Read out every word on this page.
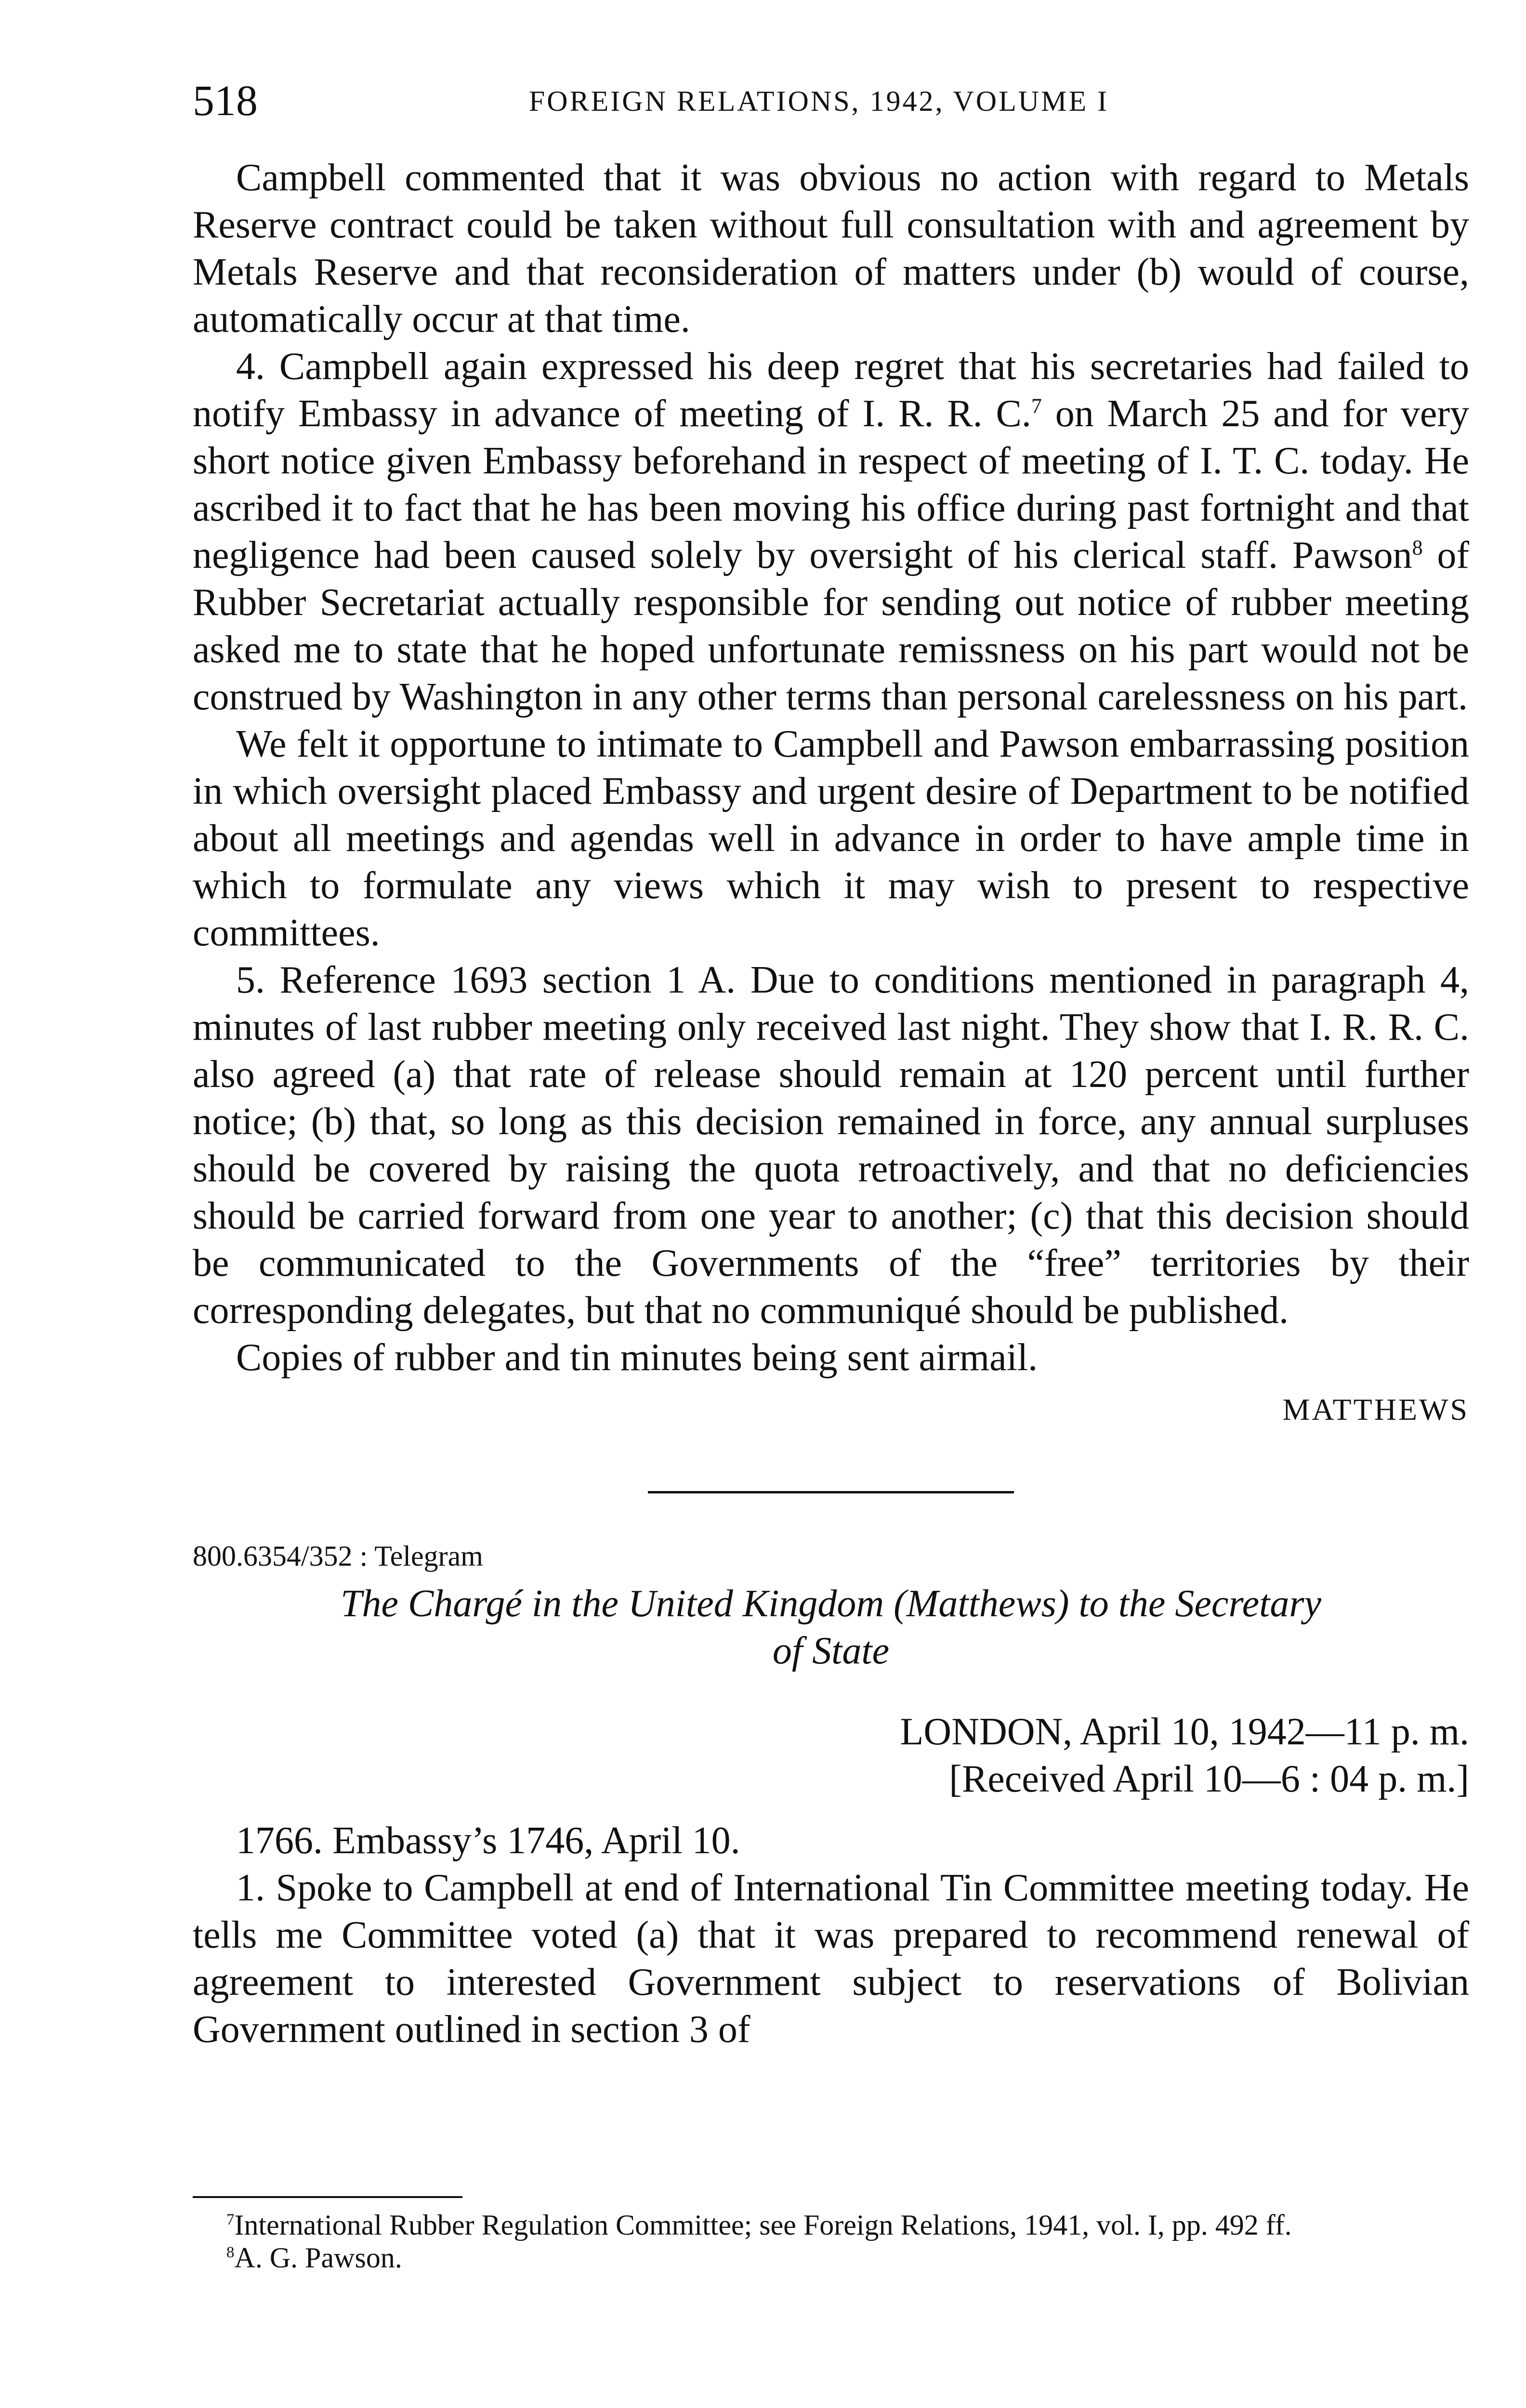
518	FOREIGN RELATIONS, 1942, VOLUME I

Campbell commented that it was obvious no action with regard to Metals Reserve contract could be taken without full consultation with and agreement by Metals Reserve and that reconsideration of matters under (b) would of course, automatically occur at that time.

4. Campbell again expressed his deep regret that his secretaries had failed to notify Embassy in advance of meeting of I. R. R. C.$^7$ on March 25 and for very short notice given Embassy beforehand in respect of meeting of I. T. C. today. He ascribed it to fact that he has been moving his office during past fortnight and that negligence had been caused solely by oversight of his clerical staff. Pawson$^8$ of Rubber Secretariat actually responsible for sending out notice of rubber meeting asked me to state that he hoped unfortunate remissness on his part would not be construed by Washington in any other terms than personal carelessness on his part.

We felt it opportune to intimate to Campbell and Pawson embarrassing position in which oversight placed Embassy and urgent desire of Department to be notified about all meetings and agendas well in advance in order to have ample time in which to formulate any views which it may wish to present to respective committees.

5. Reference 1693 section 1 A. Due to conditions mentioned in paragraph 4, minutes of last rubber meeting only received last night. They show that I. R. R. C. also agreed (a) that rate of release should remain at 120 percent until further notice; (b) that, so long as this decision remained in force, any annual surpluses should be covered by raising the quota retroactively, and that no deficiencies should be carried forward from one year to another; (c) that this decision should be communicated to the Governments of the “free” territories by their corresponding delegates, but that no communiqué should be published.

Copies of rubber and tin minutes being sent airmail.

MATTHEWS

800.6354/352 : Telegram

The Chargé in the United Kingdom (Matthews) to the Secretary
of State

LONDON, April 10, 1942—11 p. m.

[Received April 10—6 : 04 p. m.]

1766. Embassy’s 1746, April 10.

1. Spoke to Campbell at end of International Tin Committee meeting today. He tells me Committee voted (a) that it was prepared to recommend renewal of agreement to interested Government subject to reservations of Bolivian Government outlined in section 3 of

$^7$International Rubber Regulation Committee; see Foreign Relations, 1941, vol. I, pp. 492 ff.

$^8$A. G. Pawson.
